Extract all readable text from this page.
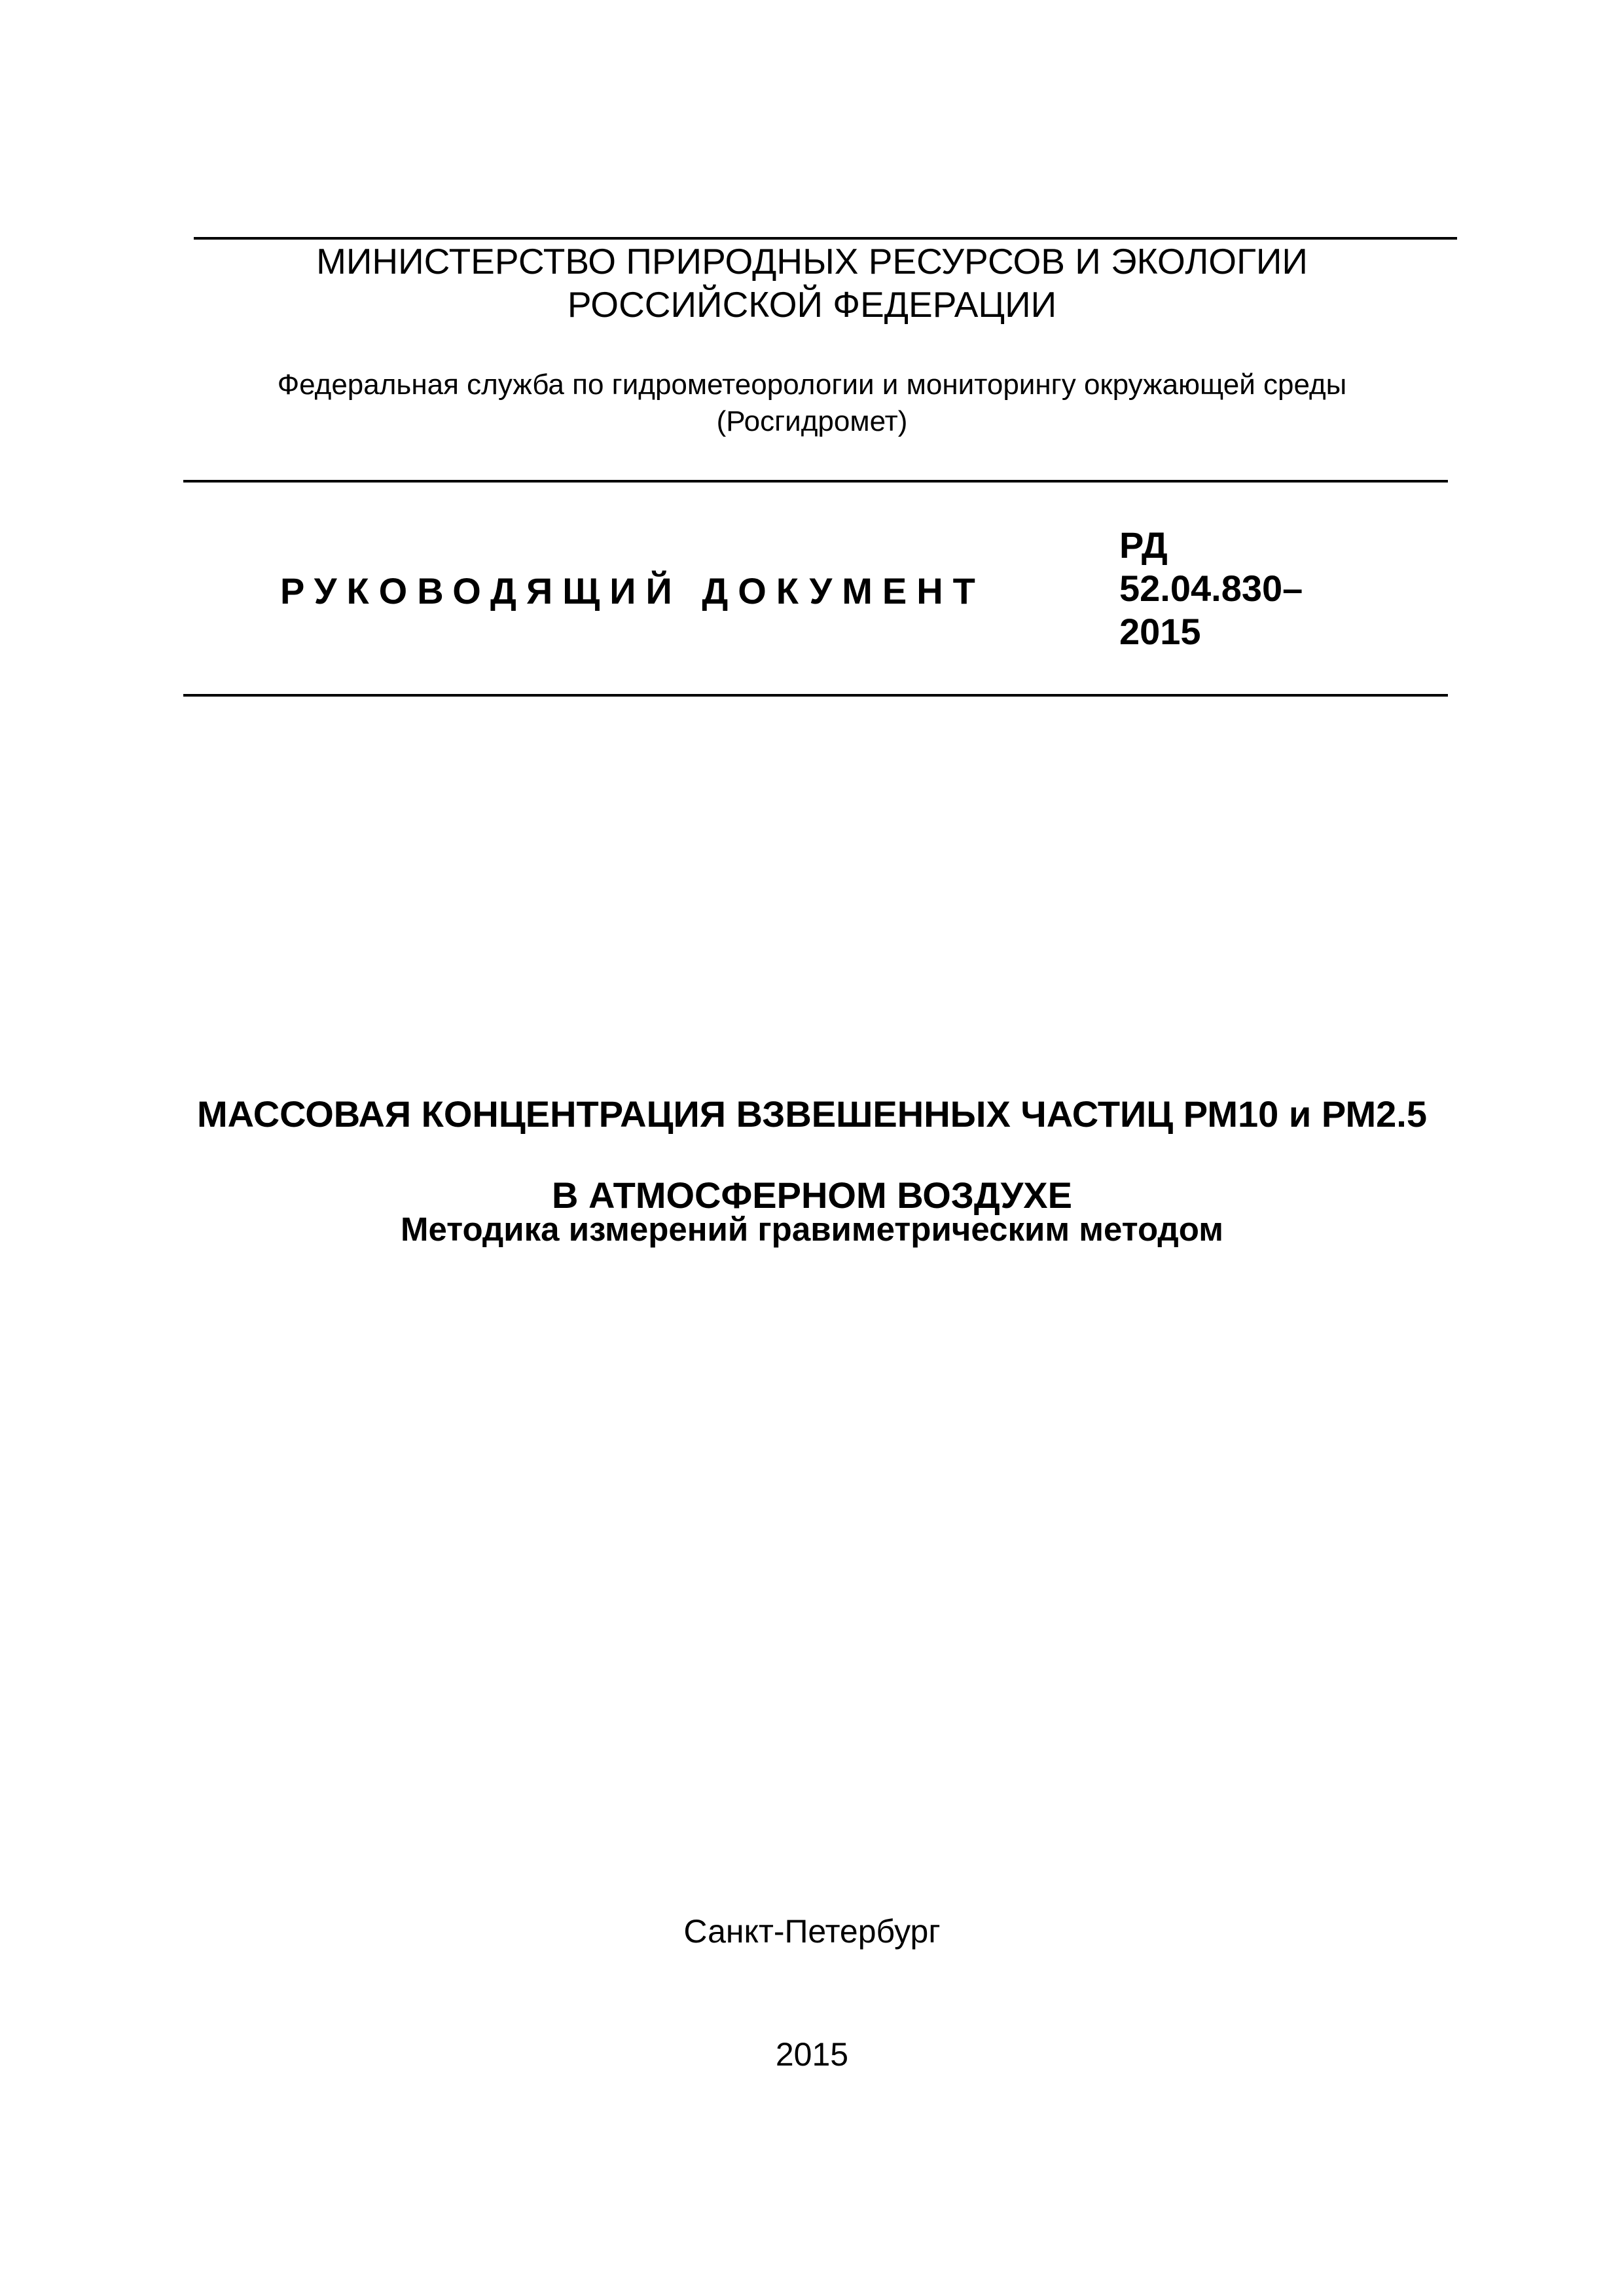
МИНИСТЕРСТВО ПРИРОДНЫХ РЕСУРСОВ И ЭКОЛОГИИ
РОССИЙСКОЙ ФЕДЕРАЦИИ
Федеральная служба по гидрометеорологии и мониторингу окружающей среды
(Росгидромет)
РУКОВОДЯЩИЙ ДОКУМЕНТ
РД
52.04.830–
2015
МАССОВАЯ КОНЦЕНТРАЦИЯ ВЗВЕШЕННЫХ ЧАСТИЦ РМ10 и РМ2.5
В АТМОСФЕРНОМ ВОЗДУХЕ
Методика измерений гравиметрическим методом
Санкт-Петербург
2015
